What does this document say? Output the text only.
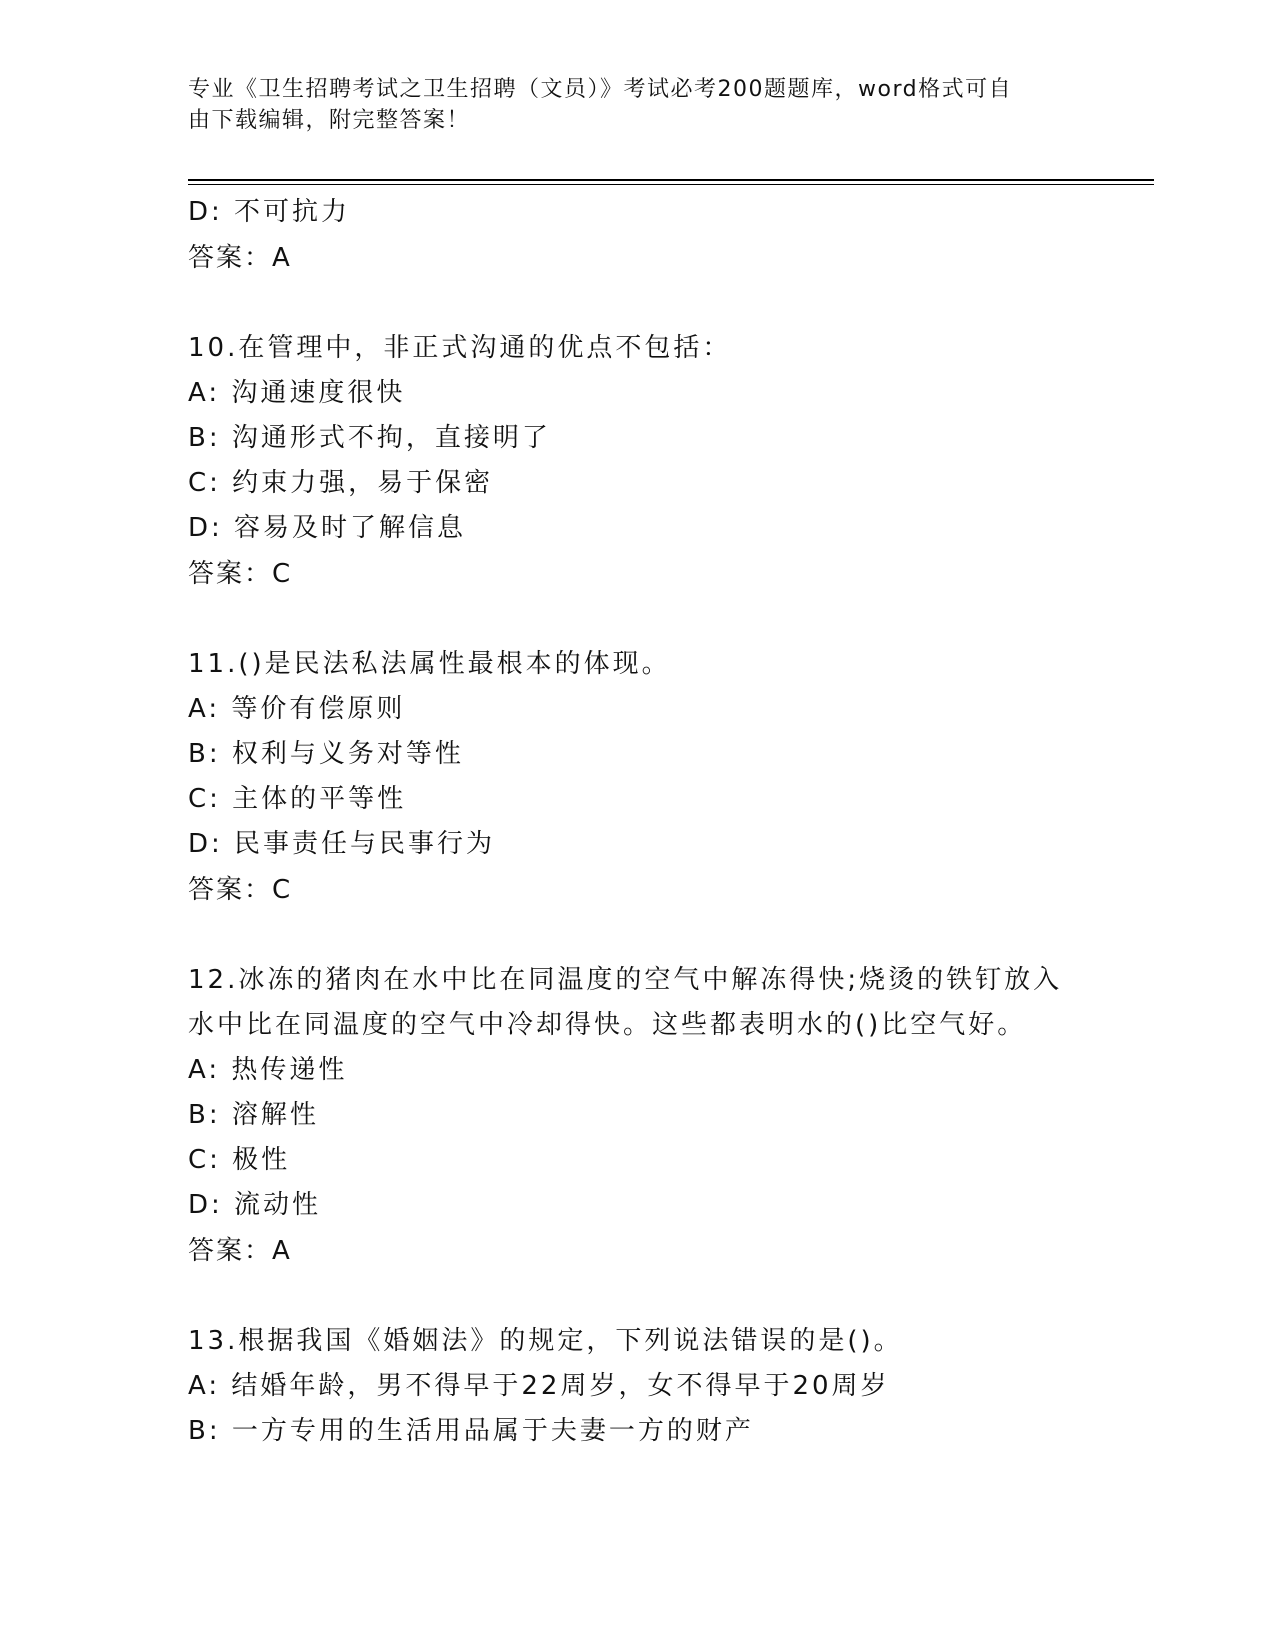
专业《卫生招聘考试之卫生招聘（文员）》考试必考200题题库，word格式可自
由下载编辑，附完整答案！
D: 不可抗力
答案：A
10.在管理中，非正式沟通的优点不包括：
A: 沟通速度很快
B: 沟通形式不拘，直接明了
C: 约束力强，易于保密
D: 容易及时了解信息
答案：C
11.()是民法私法属性最根本的体现。
A: 等价有偿原则
B: 权利与义务对等性
C: 主体的平等性
D: 民事责任与民事行为
答案：C
12.冰冻的猪肉在水中比在同温度的空气中解冻得快;烧烫的铁钉放入
水中比在同温度的空气中冷却得快。这些都表明水的()比空气好。
A: 热传递性
B: 溶解性
C: 极性
D: 流动性
答案：A
13.根据我国《婚姻法》的规定，下列说法错误的是()。
A: 结婚年龄，男不得早于22周岁，女不得早于20周岁
B: 一方专用的生活用品属于夫妻一方的财产
